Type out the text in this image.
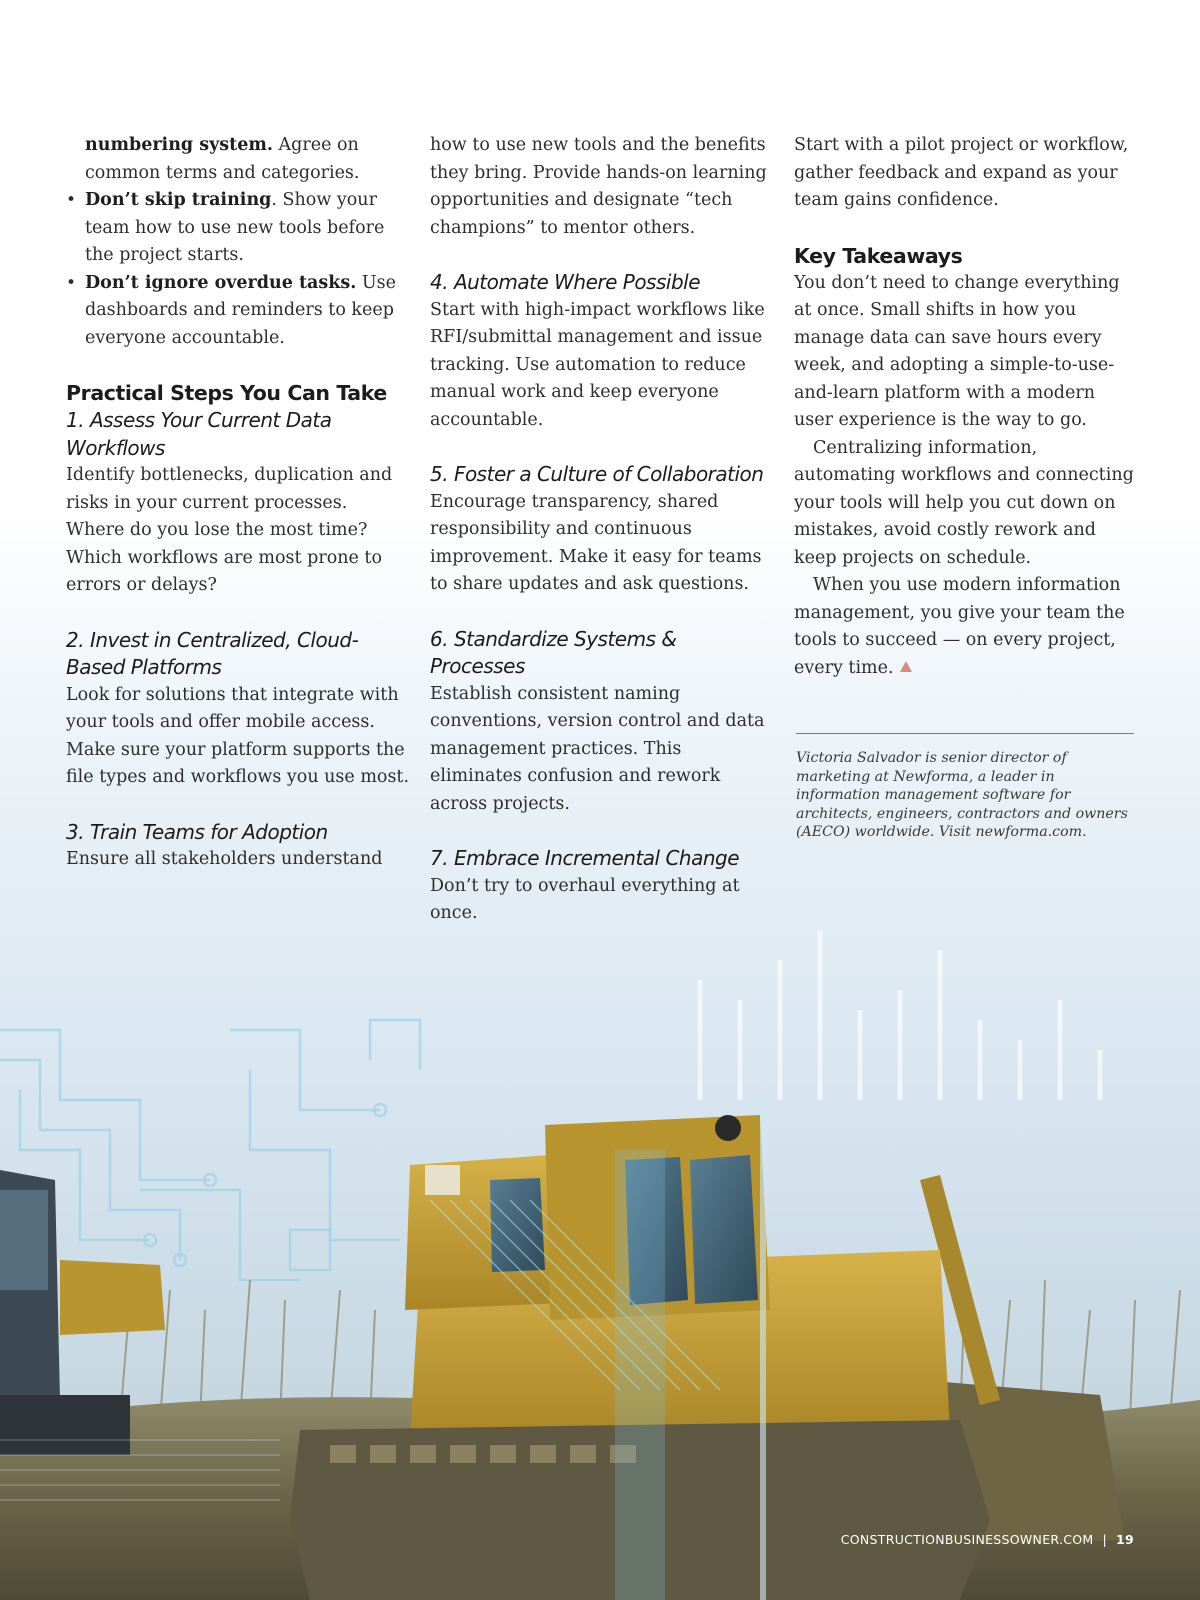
numbering system. Agree on common terms and categories.

• Don’t skip training. Show your team how to use new tools before the project starts.
• Don’t ignore overdue tasks. Use dashboards and reminders to keep everyone accountable.
Practical Steps You Can Take
1. Assess Your Current Data Workflows

Identify bottlenecks, duplication and risks in your current processes. Where do you lose the most time? Which workflows are most prone to errors or delays?

2. Invest in Centralized, Cloud-Based Platforms

Look for solutions that integrate with your tools and offer mobile access. Make sure your platform supports the file types and workflows you use most.

3. Train Teams for Adoption

Ensure all stakeholders understand

how to use new tools and the benefits they bring. Provide hands-on learning opportunities and designate “tech champions” to mentor others.

4. Automate Where Possible

Start with high-impact workflows like RFI/submittal management and issue tracking. Use automation to reduce manual work and keep everyone accountable.

5. Foster a Culture of Collaboration

Encourage transparency, shared responsibility and continuous improvement. Make it easy for teams to share updates and ask questions.

6. Standardize Systems & Processes

Establish consistent naming conventions, version control and data management practices. This eliminates confusion and rework across projects.

7. Embrace Incremental Change

Don’t try to overhaul everything at once.

Start with a pilot project or workflow, gather feedback and expand as your team gains confidence.

Key Takeaways

You don’t need to change everything at once. Small shifts in how you manage data can save hours every week, and adopting a simple-to-use-and-learn platform with a modern user experience is the way to go.

Centralizing information, automating workflows and connecting your tools will help you cut down on mistakes, avoid costly rework and keep projects on schedule.

When you use modern information management, you give your team the tools to succeed — on every project, every time.

Victoria Salvador is senior director of marketing at Newforma, a leader in information management software for architects, engineers, contractors and owners (AECO) worldwide. Visit newforma.com.

CONSTRUCTIONBUSINESSOWNER.COM | 19
